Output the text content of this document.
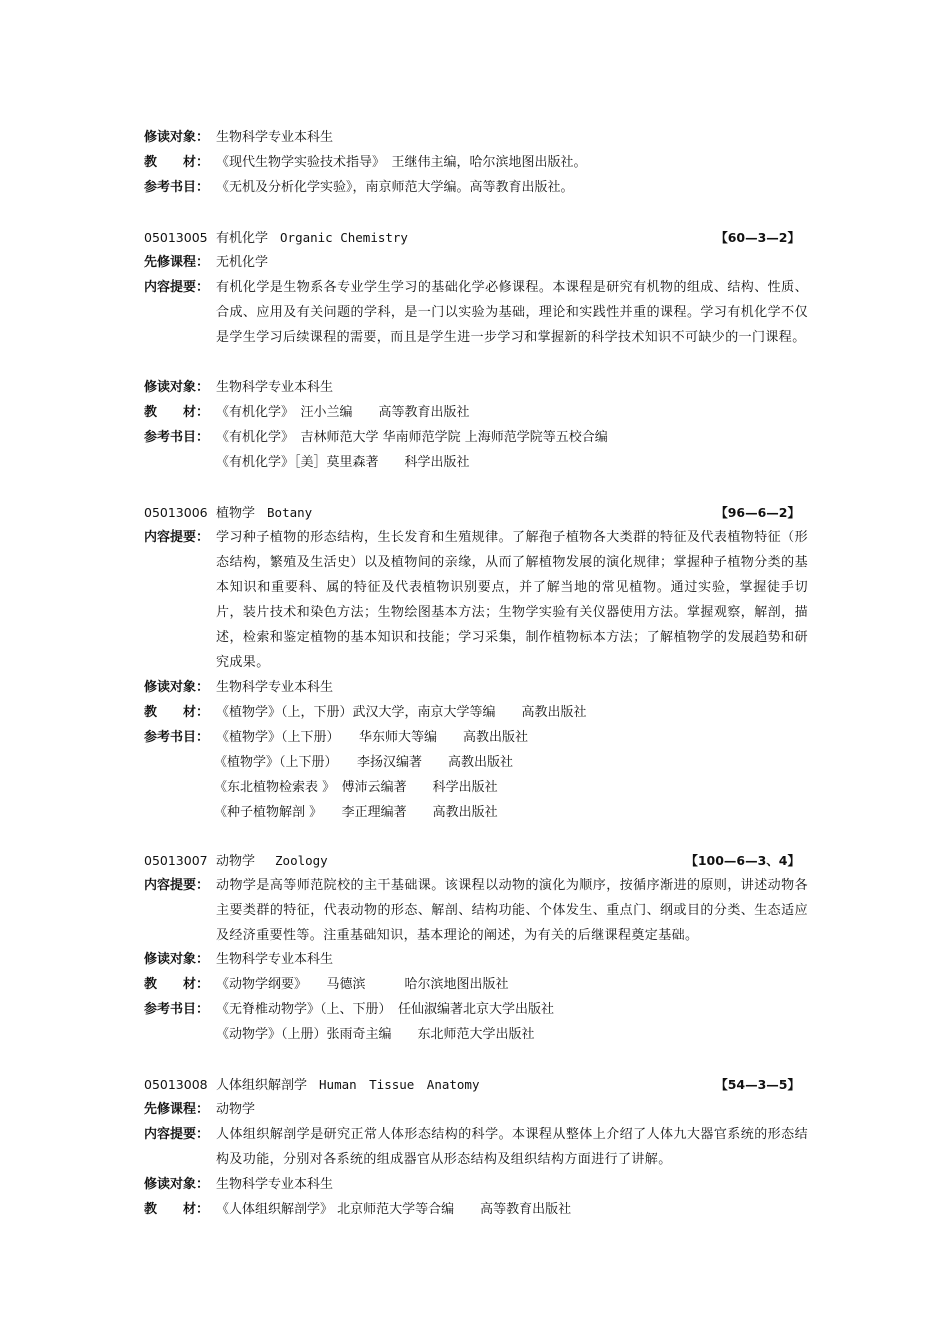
修读对象： 生物科学专业本科生
教　　材： 《现代生物学实验技术指导》　王继伟主编，哈尔滨地图出版社。
参考书目： 《无机及分析化学实验》，南京师范大学编。高等教育出版社。
05013005 有机化学 Organic Chemistry	【60—3—2】
先修课程： 无机化学
内容提要： 有机化学是生物系各专业学生学习的基础化学必修课程。本课程是研究有机物的组成、结构、性质、合成、应用及有关问题的学科，是一门以实验为基础，理论和实践性并重的课程。学习有机化学不仅是学生学习后续课程的需要，而且是学生进一步学习和掌握新的科学技术知识不可缺少的一门课程。
修读对象： 生物科学专业本科生
教　　材： 《有机化学》　汪小兰编　　高等教育出版社
参考书目： 《有机化学》　吉林师范大学 华南师范学院 上海师范学院等五校合编
《有机化学》［美］莫里森著　　科学出版社
05013006 植物学 Botany	【96—6—2】
内容提要： 学习种子植物的形态结构，生长发育和生殖规律。了解孢子植物各大类群的特征及代表植物特征（形态结构，繁殖及生活史）以及植物间的亲缘，从而了解植物发展的演化规律；掌握种子植物分类的基本知识和重要科、属的特征及代表植物识别要点，并了解当地的常见植物。通过实验，掌握徒手切片，装片技术和染色方法；生物绘图基本方法；生物学实验有关仪器使用方法。掌握观察，解剖，描述，检索和鉴定植物的基本知识和技能；学习采集，制作植物标本方法；了解植物学的发展趋势和研究成果。
修读对象： 生物科学专业本科生
教　　材： 《植物学》（上，下册）武汉大学，南京大学等编　　高教出版社
参考书目： 《植物学》（上下册）　　华东师大等编　　高教出版社
《植物学》（上下册）　　李扬汉编著　　高教出版社
《东北植物检索表 》　傅沛云编著　　科学出版社
《种子植物解剖 》　　李正理编著　　高教出版社
05013007 动物学 Zoology	【100—6—3、4】
内容提要： 动物学是高等师范院校的主干基础课。该课程以动物的演化为顺序，按循序渐进的原则，讲述动物各主要类群的特征，代表动物的形态、解剖、结构功能、个体发生、重点门、纲或目的分类、生态适应及经济重要性等。注重基础知识，基本理论的阐述，为有关的后继课程奠定基础。
修读对象： 生物科学专业本科生
教　　材： 《动物学纲要》　　马德滨　　　哈尔滨地图出版社
参考书目： 《无脊椎动物学》（上、下册）　任仙淑编著北京大学出版社
《动物学》（上册）张雨奇主编　　东北师范大学出版社
05013008 人体组织解剖学 Human　Tissue　Anatomy	【54—3—5】
先修课程： 动物学
内容提要： 人体组织解剖学是研究正常人体形态结构的科学。本课程从整体上介绍了人体九大器官系统的形态结构及功能，分别对各系统的组成器官从形态结构及组织结构方面进行了讲解。
修读对象： 生物科学专业本科生
教　　材： 《人体组织解剖学》 北京师范大学等合编　　高等教育出版社
